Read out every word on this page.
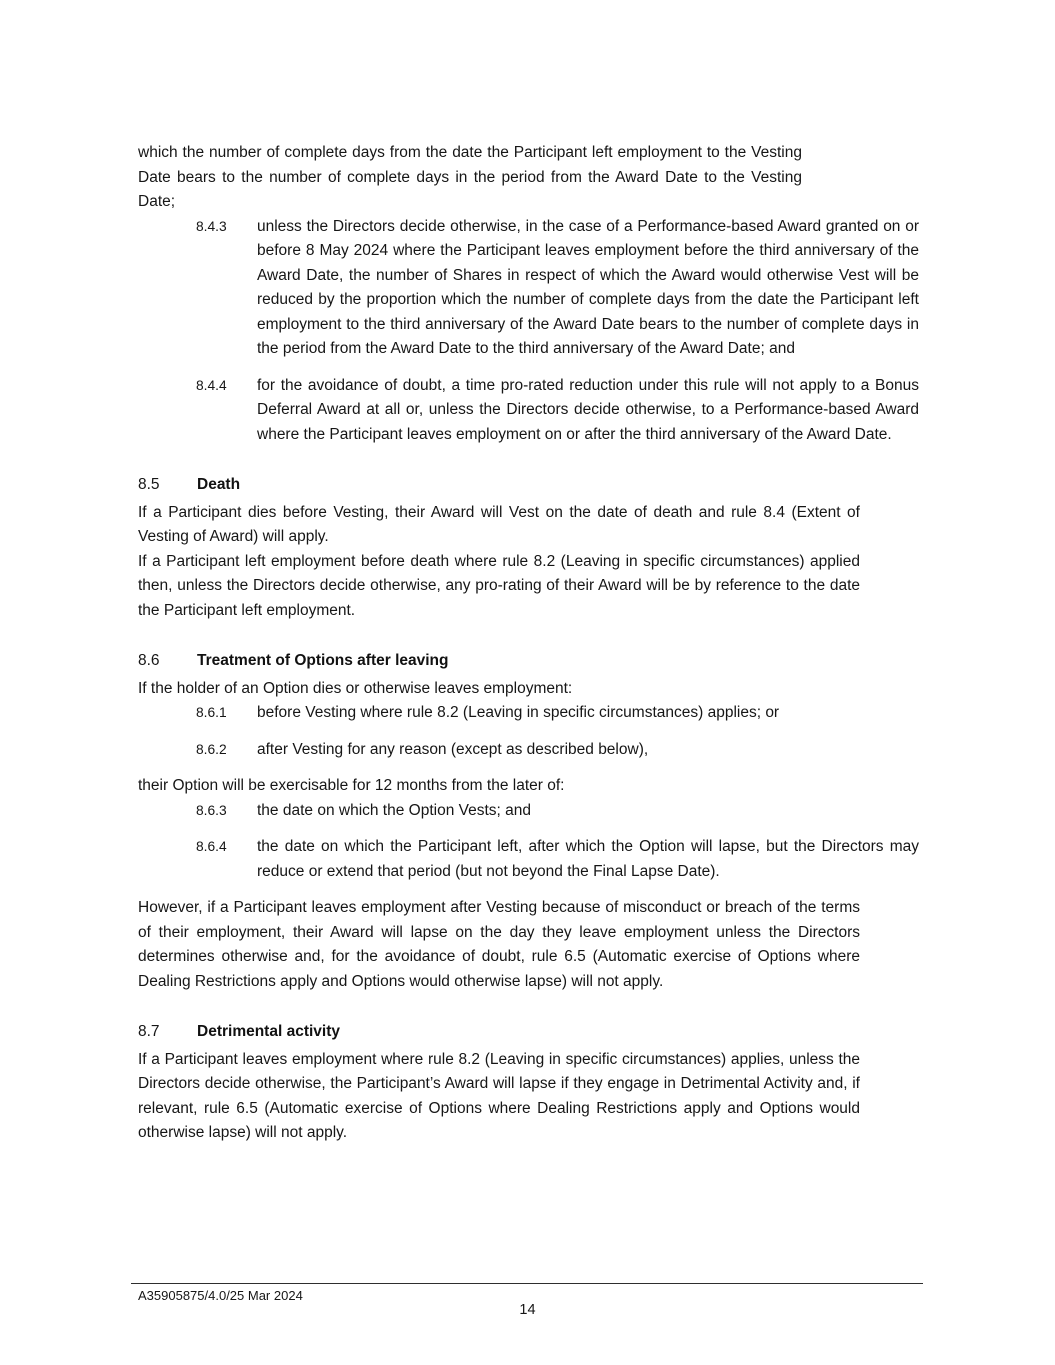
which the number of complete days from the date the Participant left employment to the Vesting Date bears to the number of complete days in the period from the Award Date to the Vesting Date;

8.4.3	unless the Directors decide otherwise, in the case of a Performance-based Award granted on or before 8 May 2024 where the Participant leaves employment before the third anniversary of the Award Date, the number of Shares in respect of which the Award would otherwise Vest will be reduced by the proportion which the number of complete days from the date the Participant left employment to the third anniversary of the Award Date bears to the number of complete days in the period from the Award Date to the third anniversary of the Award Date; and

8.4.4	for the avoidance of doubt, a time pro-rated reduction under this rule will not apply to a Bonus Deferral Award at all or, unless the Directors decide otherwise, to a Performance-based Award where the Participant leaves employment on or after the third anniversary of the Award Date.

8.5	Death

If a Participant dies before Vesting, their Award will Vest on the date of death and rule 8.4 (Extent of Vesting of Award) will apply.

If a Participant left employment before death where rule 8.2 (Leaving in specific circumstances) applied then, unless the Directors decide otherwise, any pro-rating of their Award will be by reference to the date the Participant left employment.

8.6	Treatment of Options after leaving

If the holder of an Option dies or otherwise leaves employment:

8.6.1	before Vesting where rule 8.2 (Leaving in specific circumstances) applies; or

8.6.2	after Vesting for any reason (except as described below),

their Option will be exercisable for 12 months from the later of:

8.6.3	the date on which the Option Vests; and

8.6.4	the date on which the Participant left, after which the Option will lapse, but the Directors may reduce or extend that period (but not beyond the Final Lapse Date).

However, if a Participant leaves employment after Vesting because of misconduct or breach of the terms of their employment, their Award will lapse on the day they leave employment unless the Directors determines otherwise and, for the avoidance of doubt, rule 6.5 (Automatic exercise of Options where Dealing Restrictions apply and Options would otherwise lapse) will not apply.

8.7	Detrimental activity

If a Participant leaves employment where rule 8.2 (Leaving in specific circumstances) applies, unless the Directors decide otherwise, the Participant’s Award will lapse if they engage in Detrimental Activity and, if relevant, rule 6.5 (Automatic exercise of Options where Dealing Restrictions apply and Options would otherwise lapse) will not apply.

A35905875/4.0/25 Mar 2024
14
